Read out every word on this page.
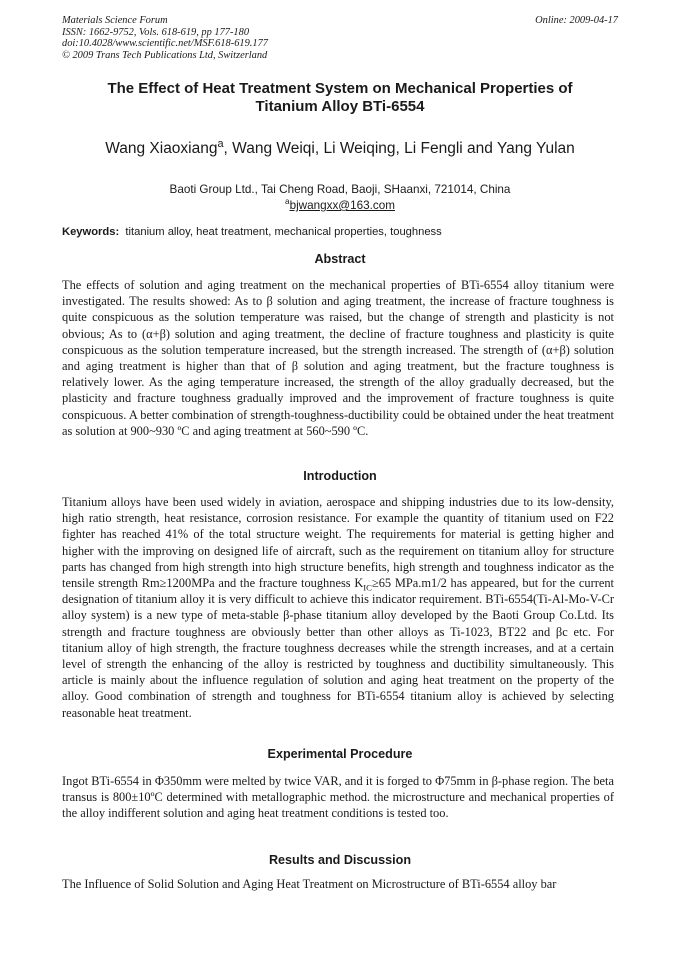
Materials Science Forum
ISSN: 1662-9752, Vols. 618-619, pp 177-180
doi:10.4028/www.scientific.net/MSF.618-619.177
© 2009 Trans Tech Publications Ltd, Switzerland
Online: 2009-04-17
The Effect of Heat Treatment System on Mechanical Properties of
Titanium Alloy BTi-6554
Wang Xiaoxiang$^a$, Wang Weiqi, Li Weiqing, Li Fengli and Yang Yulan
Baoti Group Ltd., Tai Cheng Road, Baoji, SHaanxi, 721014, China
$^a$bjwangxx@163.com
Keywords: titanium alloy, heat treatment, mechanical properties, toughness
Abstract
The effects of solution and aging treatment on the mechanical properties of BTi-6554 alloy titanium were investigated. The results showed: As to β solution and aging treatment, the increase of fracture toughness is quite conspicuous as the solution temperature was raised, but the change of strength and plasticity is not obvious; As to (α+β) solution and aging treatment, the decline of fracture toughness and plasticity is quite conspicuous as the solution temperature increased, but the strength increased. The strength of (α+β) solution and aging treatment is higher than that of β solution and aging treatment, but the fracture toughness is relatively lower. As the aging temperature increased, the strength of the alloy gradually decreased, but the plasticity and fracture toughness gradually improved and the improvement of fracture toughness is quite conspicuous. A better combination of strength-toughness-ductibility could be obtained under the heat treatment as solution at 900~930 ºC and aging treatment at 560~590 ºC.
Introduction
Titanium alloys have been used widely in aviation, aerospace and shipping industries due to its low-density, high ratio strength, heat resistance, corrosion resistance. For example the quantity of titanium used on F22 fighter has reached 41% of the total structure weight. The requirements for material is getting higher and higher with the improving on designed life of aircraft, such as the requirement on titanium alloy for structure parts has changed from high strength into high structure benefits, high strength and toughness indicator as the tensile strength Rm≥1200MPa and the fracture toughness $K_{IC}\ge 65$ MPa.m1/2 has appeared, but for the current designation of titanium alloy it is very difficult to achieve this indicator requirement. BTi-6554(Ti-Al-Mo-V-Cr alloy system) is a new type of meta-stable β-phase titanium alloy developed by the Baoti Group Co.Ltd. Its strength and fracture toughness are obviously better than other alloys as Ti-1023, BT22 and βc etc. For titanium alloy of high strength, the fracture toughness decreases while the strength increases, and at a certain level of strength the enhancing of the alloy is restricted by toughness and ductibility simultaneously. This article is mainly about the influence regulation of solution and aging heat treatment on the property of the alloy. Good combination of strength and toughness for BTi-6554 titanium alloy is achieved by selecting reasonable heat treatment.
Experimental Procedure
Ingot BTi-6554 in Φ350mm were melted by twice VAR, and it is forged to Φ75mm in β-phase region. The beta transus is 800±10ºC determined with metallographic method. the microstructure and mechanical properties of the alloy indifferent solution and aging heat treatment conditions is tested too.
Results and Discussion
The Influence of Solid Solution and Aging Heat Treatment on Microstructure of BTi-6554 alloy bar
